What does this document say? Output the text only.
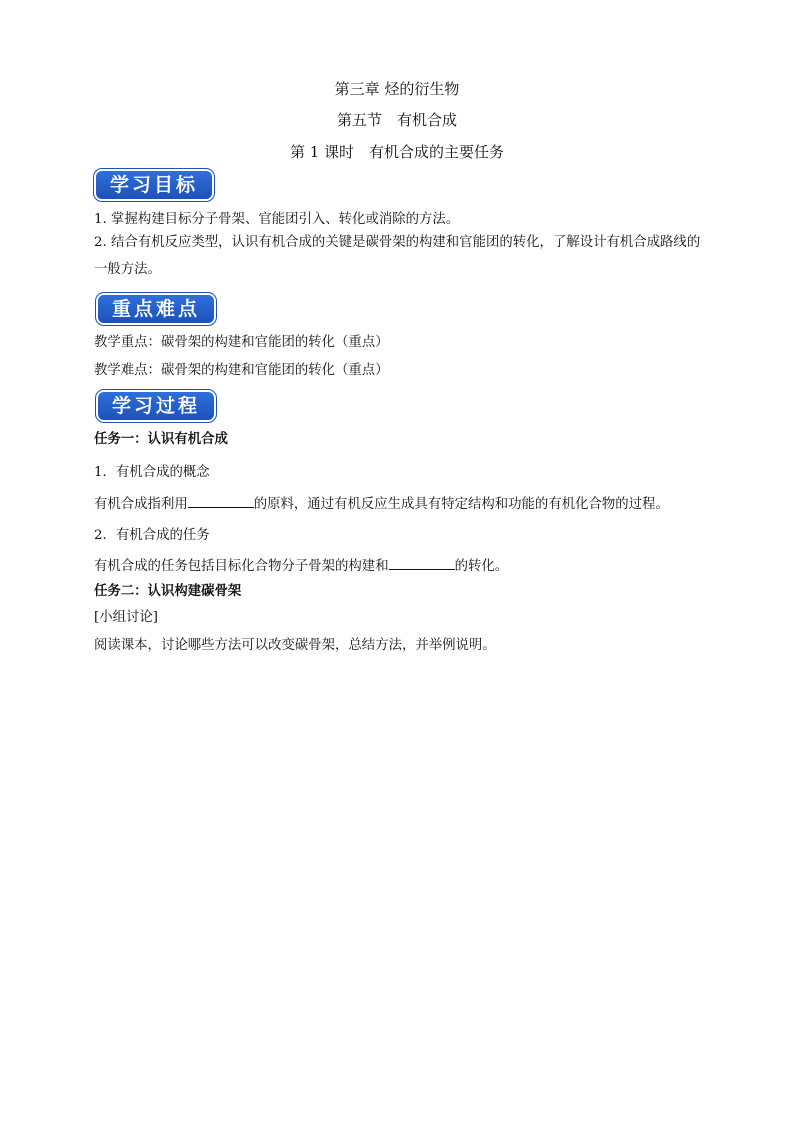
第三章 烃的衍生物
第五节　有机合成
第 1 课时　有机合成的主要任务
学习目标
1. 掌握构建目标分子骨架、官能团引入、转化或消除的方法。
2. 结合有机反应类型，认识有机合成的关键是碳骨架的构建和官能团的转化，了解设计有机合成路线的一般方法。
重点难点
教学重点：碳骨架的构建和官能团的转化（重点）
教学难点：碳骨架的构建和官能团的转化（重点）
学习过程
任务一：认识有机合成
1．有机合成的概念
有机合成指利用	的原料，通过有机反应生成具有特定结构和功能的有机化合物的过程。
2．有机合成的任务
有机合成的任务包括目标化合物分子骨架的构建和	的转化。
任务二：认识构建碳骨架
[小组讨论]
阅读课本，讨论哪些方法可以改变碳骨架，总结方法，并举例说明。
